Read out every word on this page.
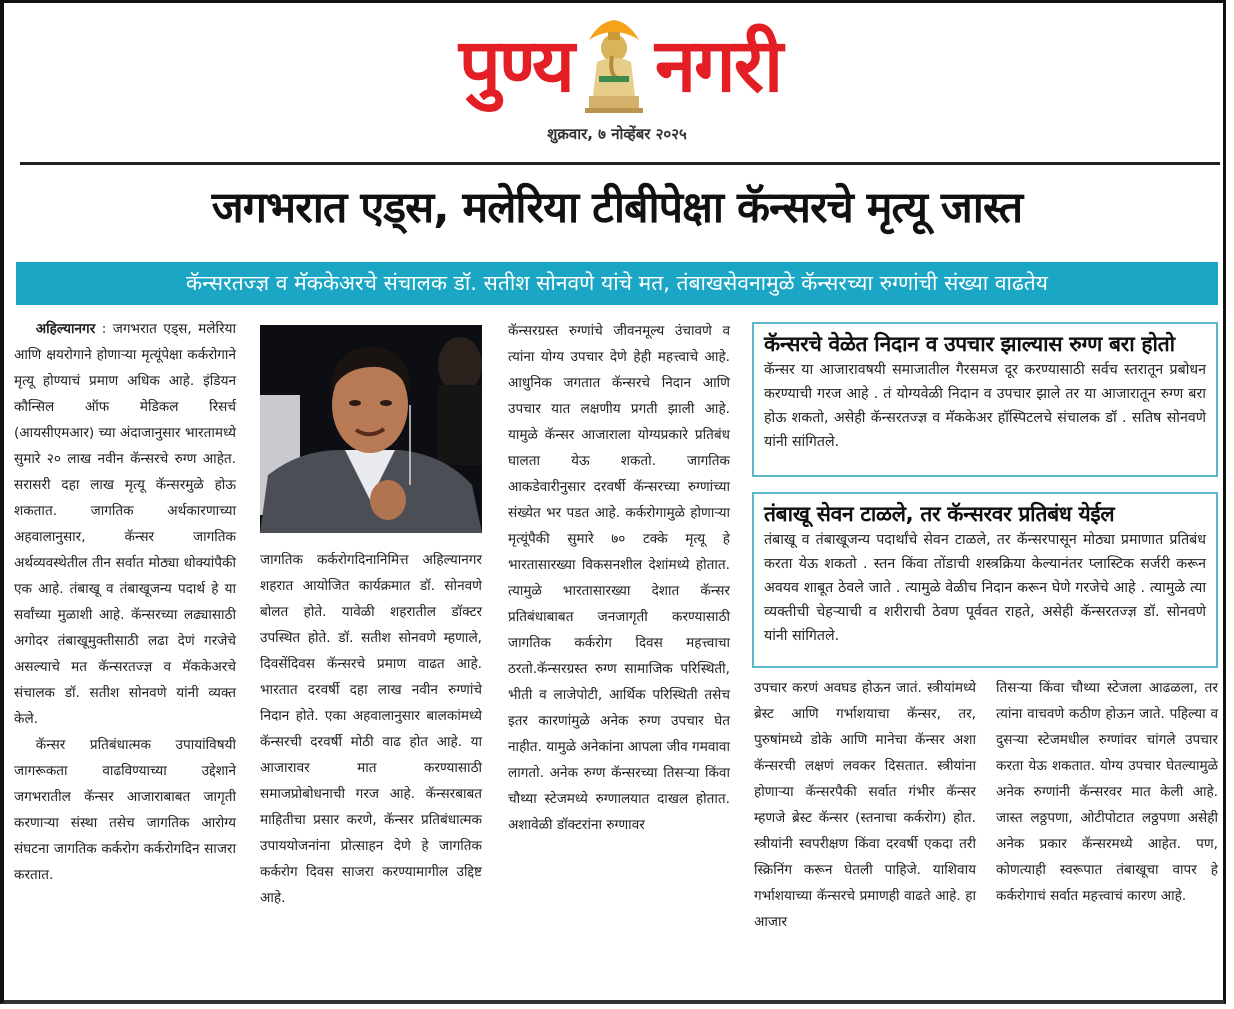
पुण्य नगरी
शुक्रवार, ७ नोव्हेंबर २०२५
जगभरात एड्स, मलेरिया टीबीपेक्षा कॅन्सरचे मृत्यू जास्त
कॅन्सरतज्ज्ञ व मॅककेअरचे संचालक डॉ. सतीश सोनवणे यांचे मत, तंबाखसेवनामुळे कॅन्सरच्या रुग्णांची संख्या वाढतेय

अहिल्यानगर : जगभरात एड्स, मलेरिया आणि क्षयरोगाने होणाऱ्या मृत्यूंपेक्षा कर्करोगाने मृत्यू होण्याचं प्रमाण अधिक आहे. इंडियन कौन्सिल ऑफ मेडिकल रिसर्च (आयसीएमआर) च्या अंदाजानुसार भारतामध्ये सुमारे २० लाख नवीन कॅन्सरचे रुग्ण आहेत. सरासरी दहा लाख मृत्यू कॅन्सरमुळे होऊ शकतात. जागतिक अर्थकारणाच्या अहवालानुसार, कॅन्सर जागतिक अर्थव्यवस्थेतील तीन सर्वात मोठ्या धोक्यांपैकी एक आहे. तंबाखू व तंबाखूजन्य पदार्थ हे या सर्वांच्या मुळाशी आहे. कॅन्सरच्या लढ्यासाठी अगोदर तंबाखूमुक्तीसाठी लढा देणं गरजेचे असल्याचे मत कॅन्सरतज्ज्ञ व मॅककेअरचे संचालक डॉ. सतीश सोनवणे यांनी व्यक्त केले.

कॅन्सर प्रतिबंधात्मक उपायांविषयी जागरूकता वाढविण्याच्या उद्देशाने जगभरातील कॅन्सर आजाराबाबत जागृती करणाऱ्या संस्था तसेच जागतिक आरोग्य संघटना जागतिक कर्करोग कर्करोगदिन साजरा करतात.

जागतिक कर्करोगदिनानिमित्त अहिल्यानगर शहरात आयोजित कार्यक्रमात डॉ. सोनवणे बोलत होते. यावेळी शहरातील डॉक्टर उपस्थित होते. डॉ. सतीश सोनवणे म्हणाले, दिवसेंदिवस कॅन्सरचे प्रमाण वाढत आहे. भारतात दरवर्षी दहा लाख नवीन रुग्णांचे निदान होते. एका अहवालानुसार बालकांमध्ये कॅन्सरची दरवर्षी मोठी वाढ होत आहे. या आजारावर मात करण्यासाठी समाजप्रोबोधनाची गरज आहे. कॅन्सरबाबत माहितीचा प्रसार करणे, कॅन्सर प्रतिबंधात्मक उपाययोजनांना प्रोत्साहन देणे हे जागतिक कर्करोग दिवस साजरा करण्यामागील उद्दिष्ट आहे.

कॅन्सरग्रस्त रुग्णांचे जीवनमूल्य उंचावणे व त्यांना योग्य उपचार देणे हेही महत्त्वाचे आहे. आधुनिक जगतात कॅन्सरचे निदान आणि उपचार यात लक्षणीय प्रगती झाली आहे. यामुळे कॅन्सर आजाराला योग्यप्रकारे प्रतिबंध घालता येऊ शकतो. जागतिक आकडेवारीनुसार दरवर्षी कॅन्सरच्या रुग्णांच्या संख्येत भर पडत आहे. कर्करोगामुळे होणाऱ्या मृत्यूंपैकी सुमारे ७० टक्के मृत्यू हे भारतासारख्या विकसनशील देशांमध्ये होतात. त्यामुळे भारतासारख्या देशात कॅन्सर प्रतिबंधाबाबत जनजागृती करण्यासाठी जागतिक कर्करोग दिवस महत्त्वाचा ठरतो.कॅन्सरग्रस्त रुग्ण सामाजिक परिस्थिती, भीती व लाजेपोटी, आर्थिक परिस्थिती तसेच इतर कारणांमुळे अनेक रुग्ण उपचार घेत नाहीत. यामुळे अनेकांना आपला जीव गमवावा लागतो. अनेक रुग्ण कॅन्सरच्या तिसऱ्या किंवा चौथ्या स्टेजमध्ये रुग्णालयात दाखल होतात. अशावेळी डॉक्टरांना रुग्णावर

कॅन्सरचे वेळेत निदान व उपचार झाल्यास रुग्ण बरा होतो

कॅन्सर या आजारावषयी समाजातील गैरसमज दूर करण्यासाठी सर्वच स्तरातून प्रबोधन करण्याची गरज आहे . तं योग्यवेळी निदान व उपचार झाले तर या आजारातून रुग्ण बरा होऊ शकतो, असेही कॅन्सरतज्ज्ञ व मॅककेअर हॉस्पिटलचे संचालक डॉ . सतिष सोनवणे यांनी सांगितले.

तंबाखू सेवन टाळले, तर कॅन्सरवर प्रतिबंध येईल

तंबाखू व तंबाखूजन्य पदार्थांचे सेवन टाळले, तर कॅन्सरपासून मोठ्या प्रमाणात प्रतिबंध करता येऊ शकतो . स्तन किंवा तोंडाची शस्त्रक्रिया केल्यानंतर प्लास्टिक सर्जरी करून अवयव शाबूत ठेवले जाते . त्यामुळे वेळीच निदान करून घेणे गरजेचे आहे . त्यामुळे त्या व्यक्तीची चेहऱ्याची व शरीराची ठेवण पूर्ववत राहते, असेही कॅन्सरतज्ज्ञ डॉ. सोनवणे यांनी सांगितले.

उपचार करणं अवघड होऊन जातं. स्त्रीयांमध्ये ब्रेस्ट आणि गर्भाशयाचा कॅन्सर, तर, पुरुषांमध्ये डोके आणि मानेचा कॅन्सर अशा कॅन्सरची लक्षणं लवकर दिसतात. स्त्रीयांना होणाऱ्या कॅन्सरपैकी सर्वात गंभीर कॅन्सर म्हणजे ब्रेस्ट कॅन्सर (स्तनाचा कर्करोग) होत. स्त्रीयांनी स्वपरीक्षण किंवा दरवर्षी एकदा तरी स्क्रिनिंग करून घेतली पाहिजे. याशिवाय गर्भाशयाच्या कॅन्सरचे प्रमाणही वाढते आहे. हा आजार

तिसऱ्या किंवा चौथ्या स्टेजला आढळला, तर त्यांना वाचवणे कठीण होऊन जाते. पहिल्या व दुसऱ्या स्टेजमधील रुग्णांवर चांगले उपचार करता येऊ शकतात. योग्य उपचार घेतल्यामुळे अनेक रुग्णांनी कॅन्सरवर मात केली आहे. जास्त लठ्ठपणा, ओटीपोटात लठ्ठपणा असेही अनेक प्रकार कॅन्सरमध्ये आहेत. पण, कोणत्याही स्वरूपात तंबाखूचा वापर हे कर्करोगाचं सर्वात महत्त्वाचं कारण आहे.
